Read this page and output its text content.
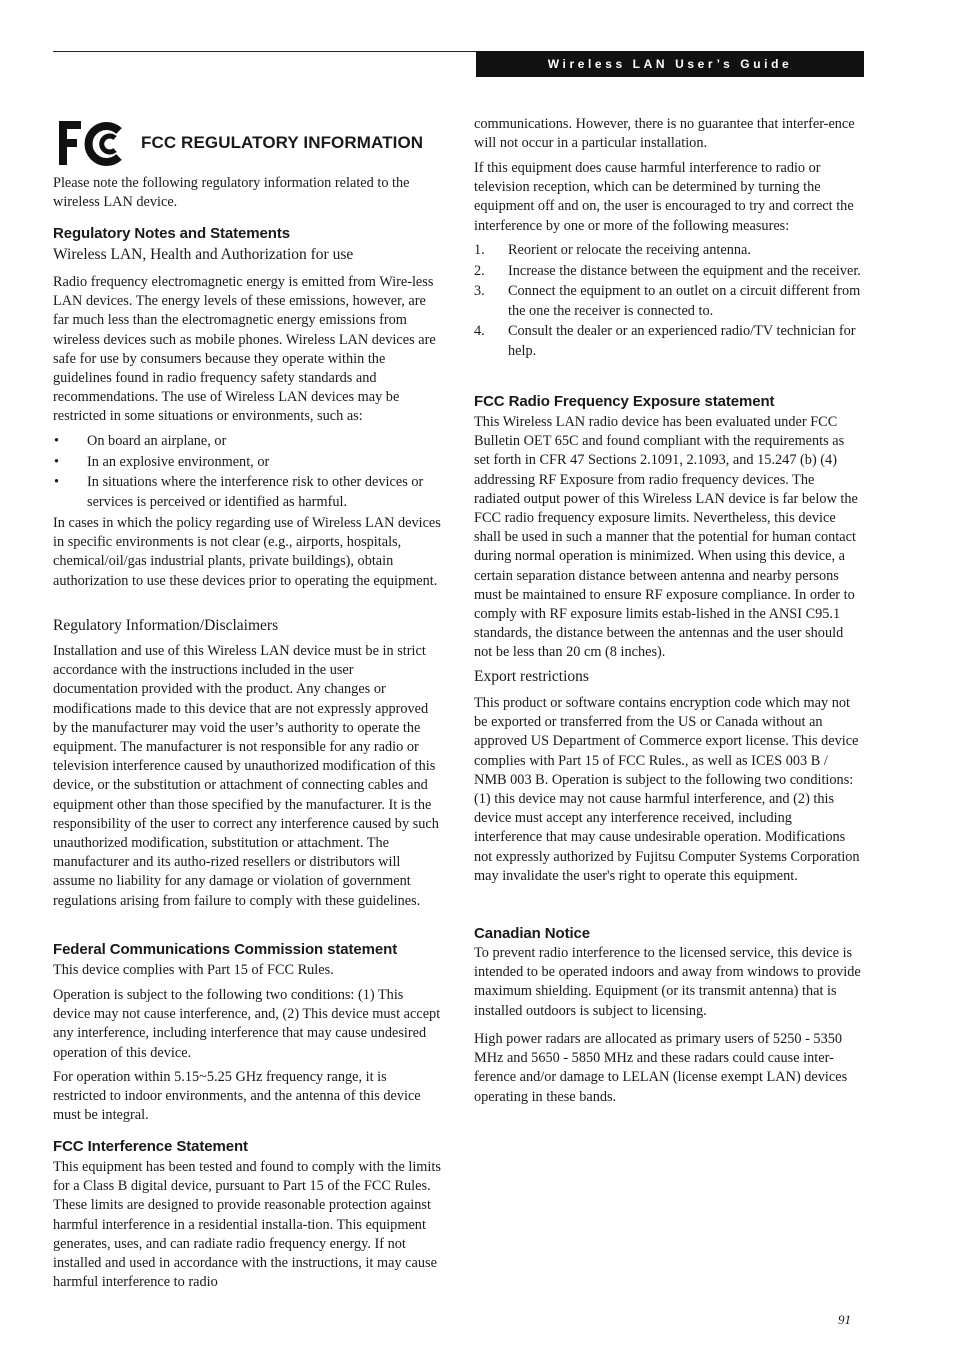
Wireless LAN User’s Guide
FCC REGULATORY INFORMATION

Please note the following regulatory information related to the wireless LAN device.

Regulatory Notes and Statements
Wireless LAN, Health and Authorization for use

Radio frequency electromagnetic energy is emitted from Wire-less LAN devices. The energy levels of these emissions, however, are far much less than the electromagnetic energy emissions from wireless devices such as mobile phones. Wireless LAN devices are safe for use by consumers because they operate within the guidelines found in radio frequency safety standards and recommendations. The use of Wireless LAN devices may be restricted in some situations or environments, such as:

• On board an airplane, or
• In an explosive environment, or
• In situations where the interference risk to other devices or services is perceived or identified as harmful.

In cases in which the policy regarding use of Wireless LAN devices in specific environments is not clear (e.g., airports, hospitals, chemical/oil/gas industrial plants, private buildings), obtain authorization to use these devices prior to operating the equipment.

Regulatory Information/Disclaimers

Installation and use of this Wireless LAN device must be in strict accordance with the instructions included in the user documentation provided with the product. Any changes or modifications made to this device that are not expressly approved by the manufacturer may void the user’s authority to operate the equipment. The manufacturer is not responsible for any radio or television interference caused by unauthorized modification of this device, or the substitution or attachment of connecting cables and equipment other than those specified by the manufacturer. It is the responsibility of the user to correct any interference caused by such unauthorized modification, substitution or attachment. The manufacturer and its autho-rized resellers or distributors will assume no liability for any damage or violation of government regulations arising from failure to comply with these guidelines.

Federal Communications Commission statement

This device complies with Part 15 of FCC Rules.

Operation is subject to the following two conditions: (1) This device may not cause interference, and, (2) This device must accept any interference, including interference that may cause undesired operation of this device.

For operation within 5.15~5.25 GHz frequency range, it is restricted to indoor environments, and the antenna of this device must be integral.

FCC Interference Statement

This equipment has been tested and found to comply with the limits for a Class B digital device, pursuant to Part 15 of the FCC Rules. These limits are designed to provide reasonable protection against harmful interference in a residential installa-tion. This equipment generates, uses, and can radiate radio frequency energy. If not installed and used in accordance with the instructions, it may cause harmful interference to radio

communications. However, there is no guarantee that interfer-ence will not occur in a particular installation.

If this equipment does cause harmful interference to radio or television reception, which can be determined by turning the equipment off and on, the user is encouraged to try and correct the interference by one or more of the following measures:

1. Reorient or relocate the receiving antenna.
2. Increase the distance between the equipment and the receiver.
3. Connect the equipment to an outlet on a circuit different from the one the receiver is connected to.
4. Consult the dealer or an experienced radio/TV technician for help.
FCC Radio Frequency Exposure statement

This Wireless LAN radio device has been evaluated under FCC Bulletin OET 65C and found compliant with the requirements as set forth in CFR 47 Sections 2.1091, 2.1093, and 15.247 (b) (4) addressing RF Exposure from radio frequency devices. The radiated output power of this Wireless LAN device is far below the FCC radio frequency exposure limits. Nevertheless, this device shall be used in such a manner that the potential for human contact during normal operation is minimized. When using this device, a certain separation distance between antenna and nearby persons must be maintained to ensure RF exposure compliance. In order to comply with RF exposure limits estab-lished in the ANSI C95.1 standards, the distance between the antennas and the user should not be less than 20 cm (8 inches).

Export restrictions

This product or software contains encryption code which may not be exported or transferred from the US or Canada without an approved US Department of Commerce export license. This device complies with Part 15 of FCC Rules., as well as ICES 003 B / NMB 003 B. Operation is subject to the following two conditions: (1) this device may not cause harmful interference, and (2) this device must accept any interference received, including interference that may cause undesirable operation. Modifications not expressly authorized by Fujitsu Computer Systems Corporation may invalidate the user's right to operate this equipment.

Canadian Notice

To prevent radio interference to the licensed service, this device is intended to be operated indoors and away from windows to provide maximum shielding. Equipment (or its transmit antenna) that is installed outdoors is subject to licensing.

High power radars are allocated as primary users of 5250 - 5350 MHz and 5650 - 5850 MHz and these radars could cause inter-ference and/or damage to LELAN (license exempt LAN) devices operating in these bands.

91
